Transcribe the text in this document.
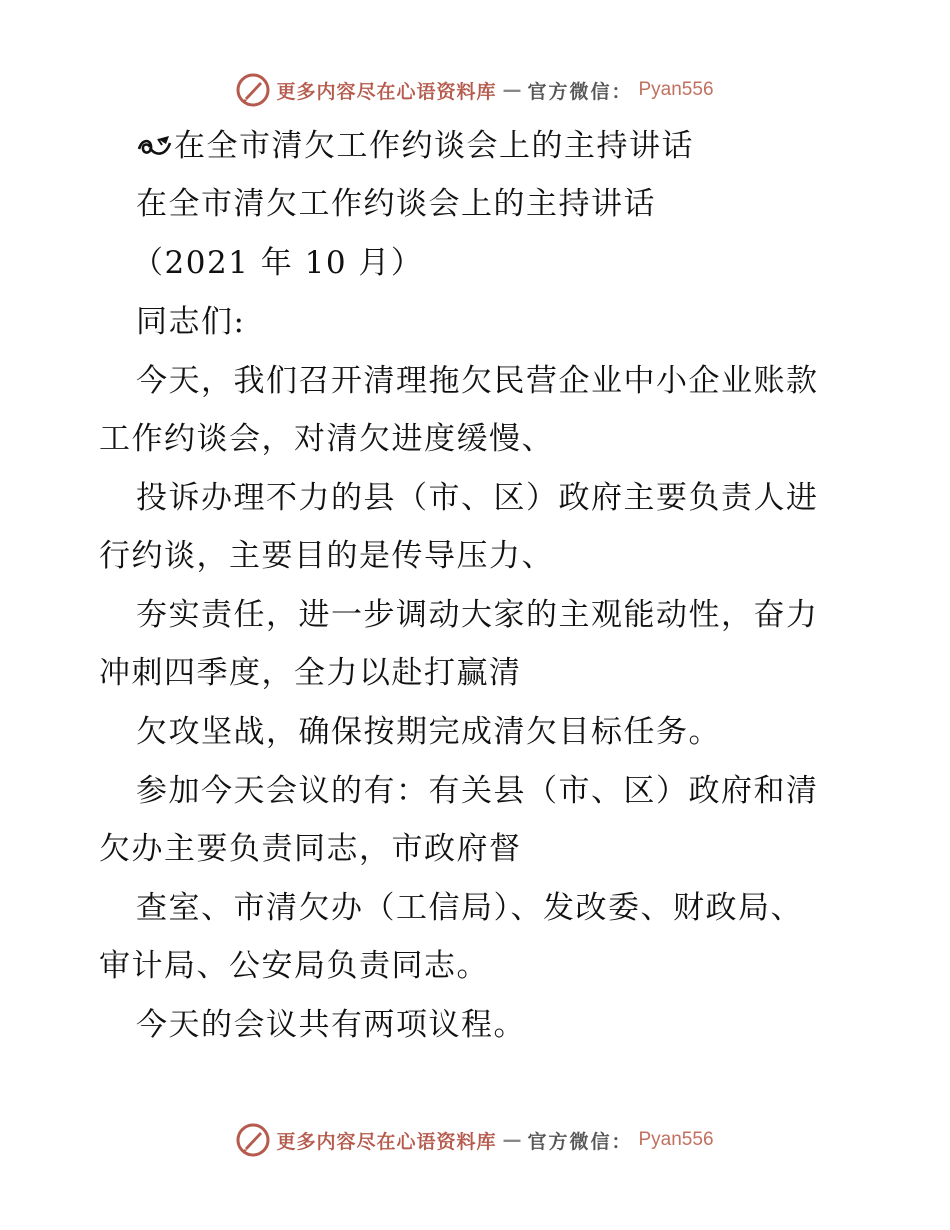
更多内容尽在心语资料库 — 官方微信： Pyan556
在全市清欠工作约谈会上的主持讲话
在全市清欠工作约谈会上的主持讲话
（2021 年 10 月）
同志们:
今天，我们召开清理拖欠民营企业中小企业账款
工作约谈会，对清欠进度缓慢、
投诉办理不力的县（市、区）政府主要负责人进
行约谈，主要目的是传导压力、
夯实责任，进一步调动大家的主观能动性，奋力
冲刺四季度，全力以赴打赢清
欠攻坚战，确保按期完成清欠目标任务。
参加今天会议的有：有关县（市、区）政府和清
欠办主要负责同志，市政府督
查室、市清欠办（工信局）、发改委、财政局、
审计局、公安局负责同志。
今天的会议共有两项议程。
更多内容尽在心语资料库 — 官方微信： Pyan556
